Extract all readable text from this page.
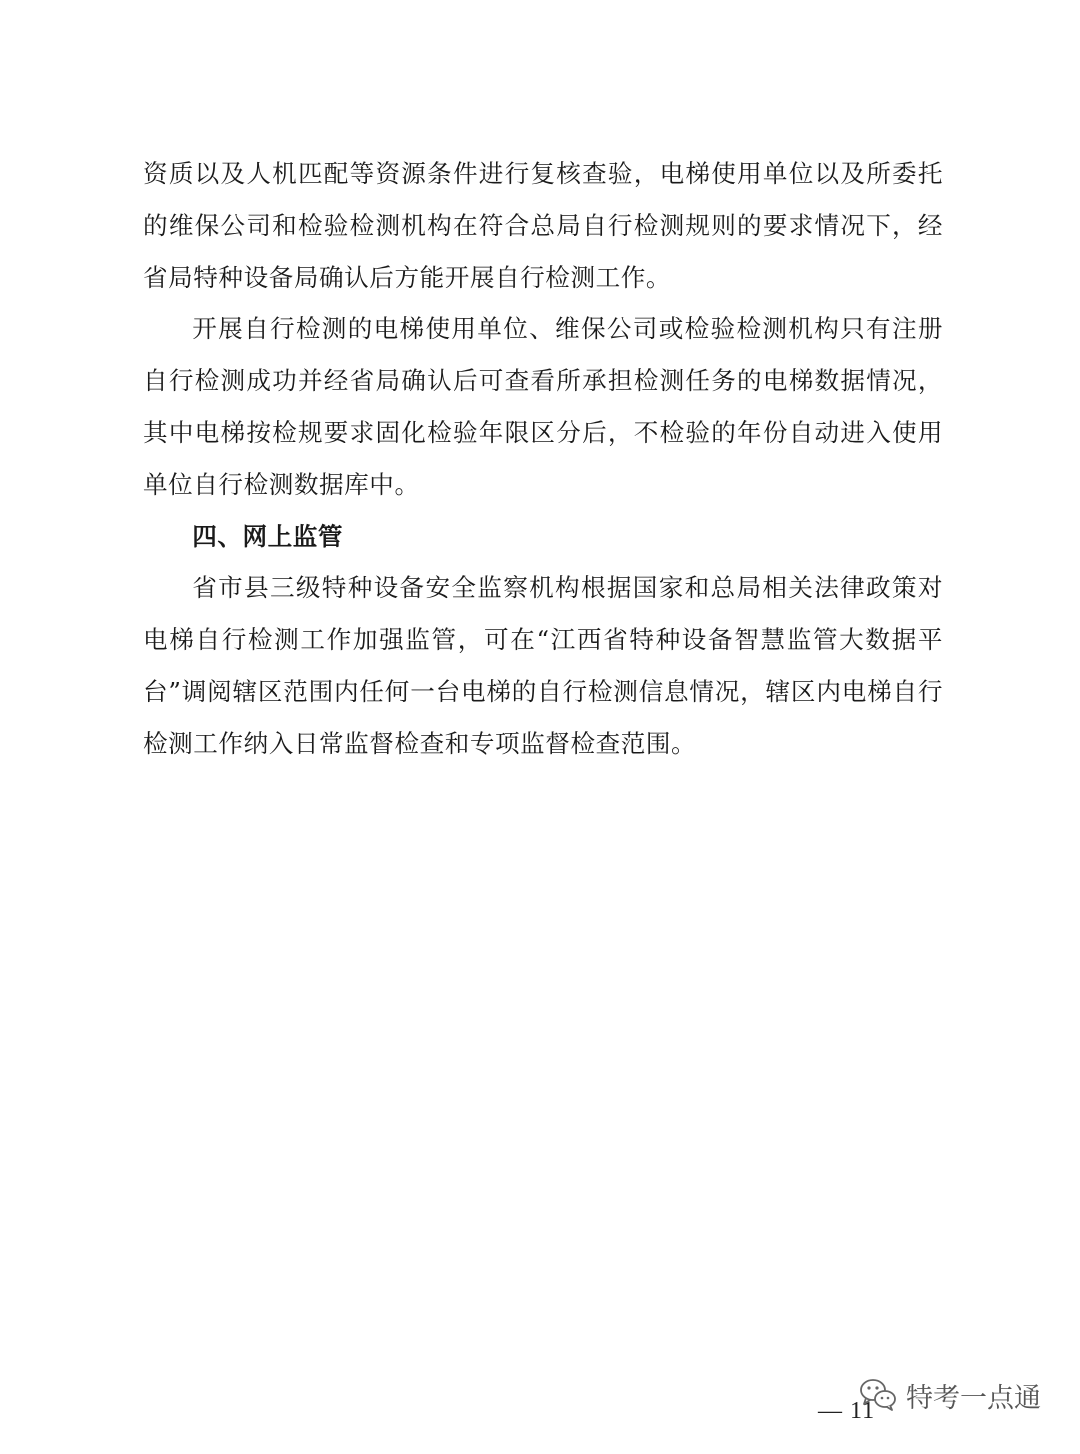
资质以及人机匹配等资源条件进行复核查验，电梯使用单位以及所委托的维保公司和检验检测机构在符合总局自行检测规则的要求情况下，经省局特种设备局确认后方能开展自行检测工作。

开展自行检测的电梯使用单位、维保公司或检验检测机构只有注册自行检测成功并经省局确认后可查看所承担检测任务的电梯数据情况，其中电梯按检规要求固化检验年限区分后，不检验的年份自动进入使用单位自行检测数据库中。

四、网上监管

省市县三级特种设备安全监察机构根据国家和总局相关法律政策对电梯自行检测工作加强监管，可在“江西省特种设备智慧监管大数据平台”调阅辖区范围内任何一台电梯的自行检测信息情况，辖区内电梯自行检测工作纳入日常监督检查和专项监督检查范围。

— 11 特考一点通
